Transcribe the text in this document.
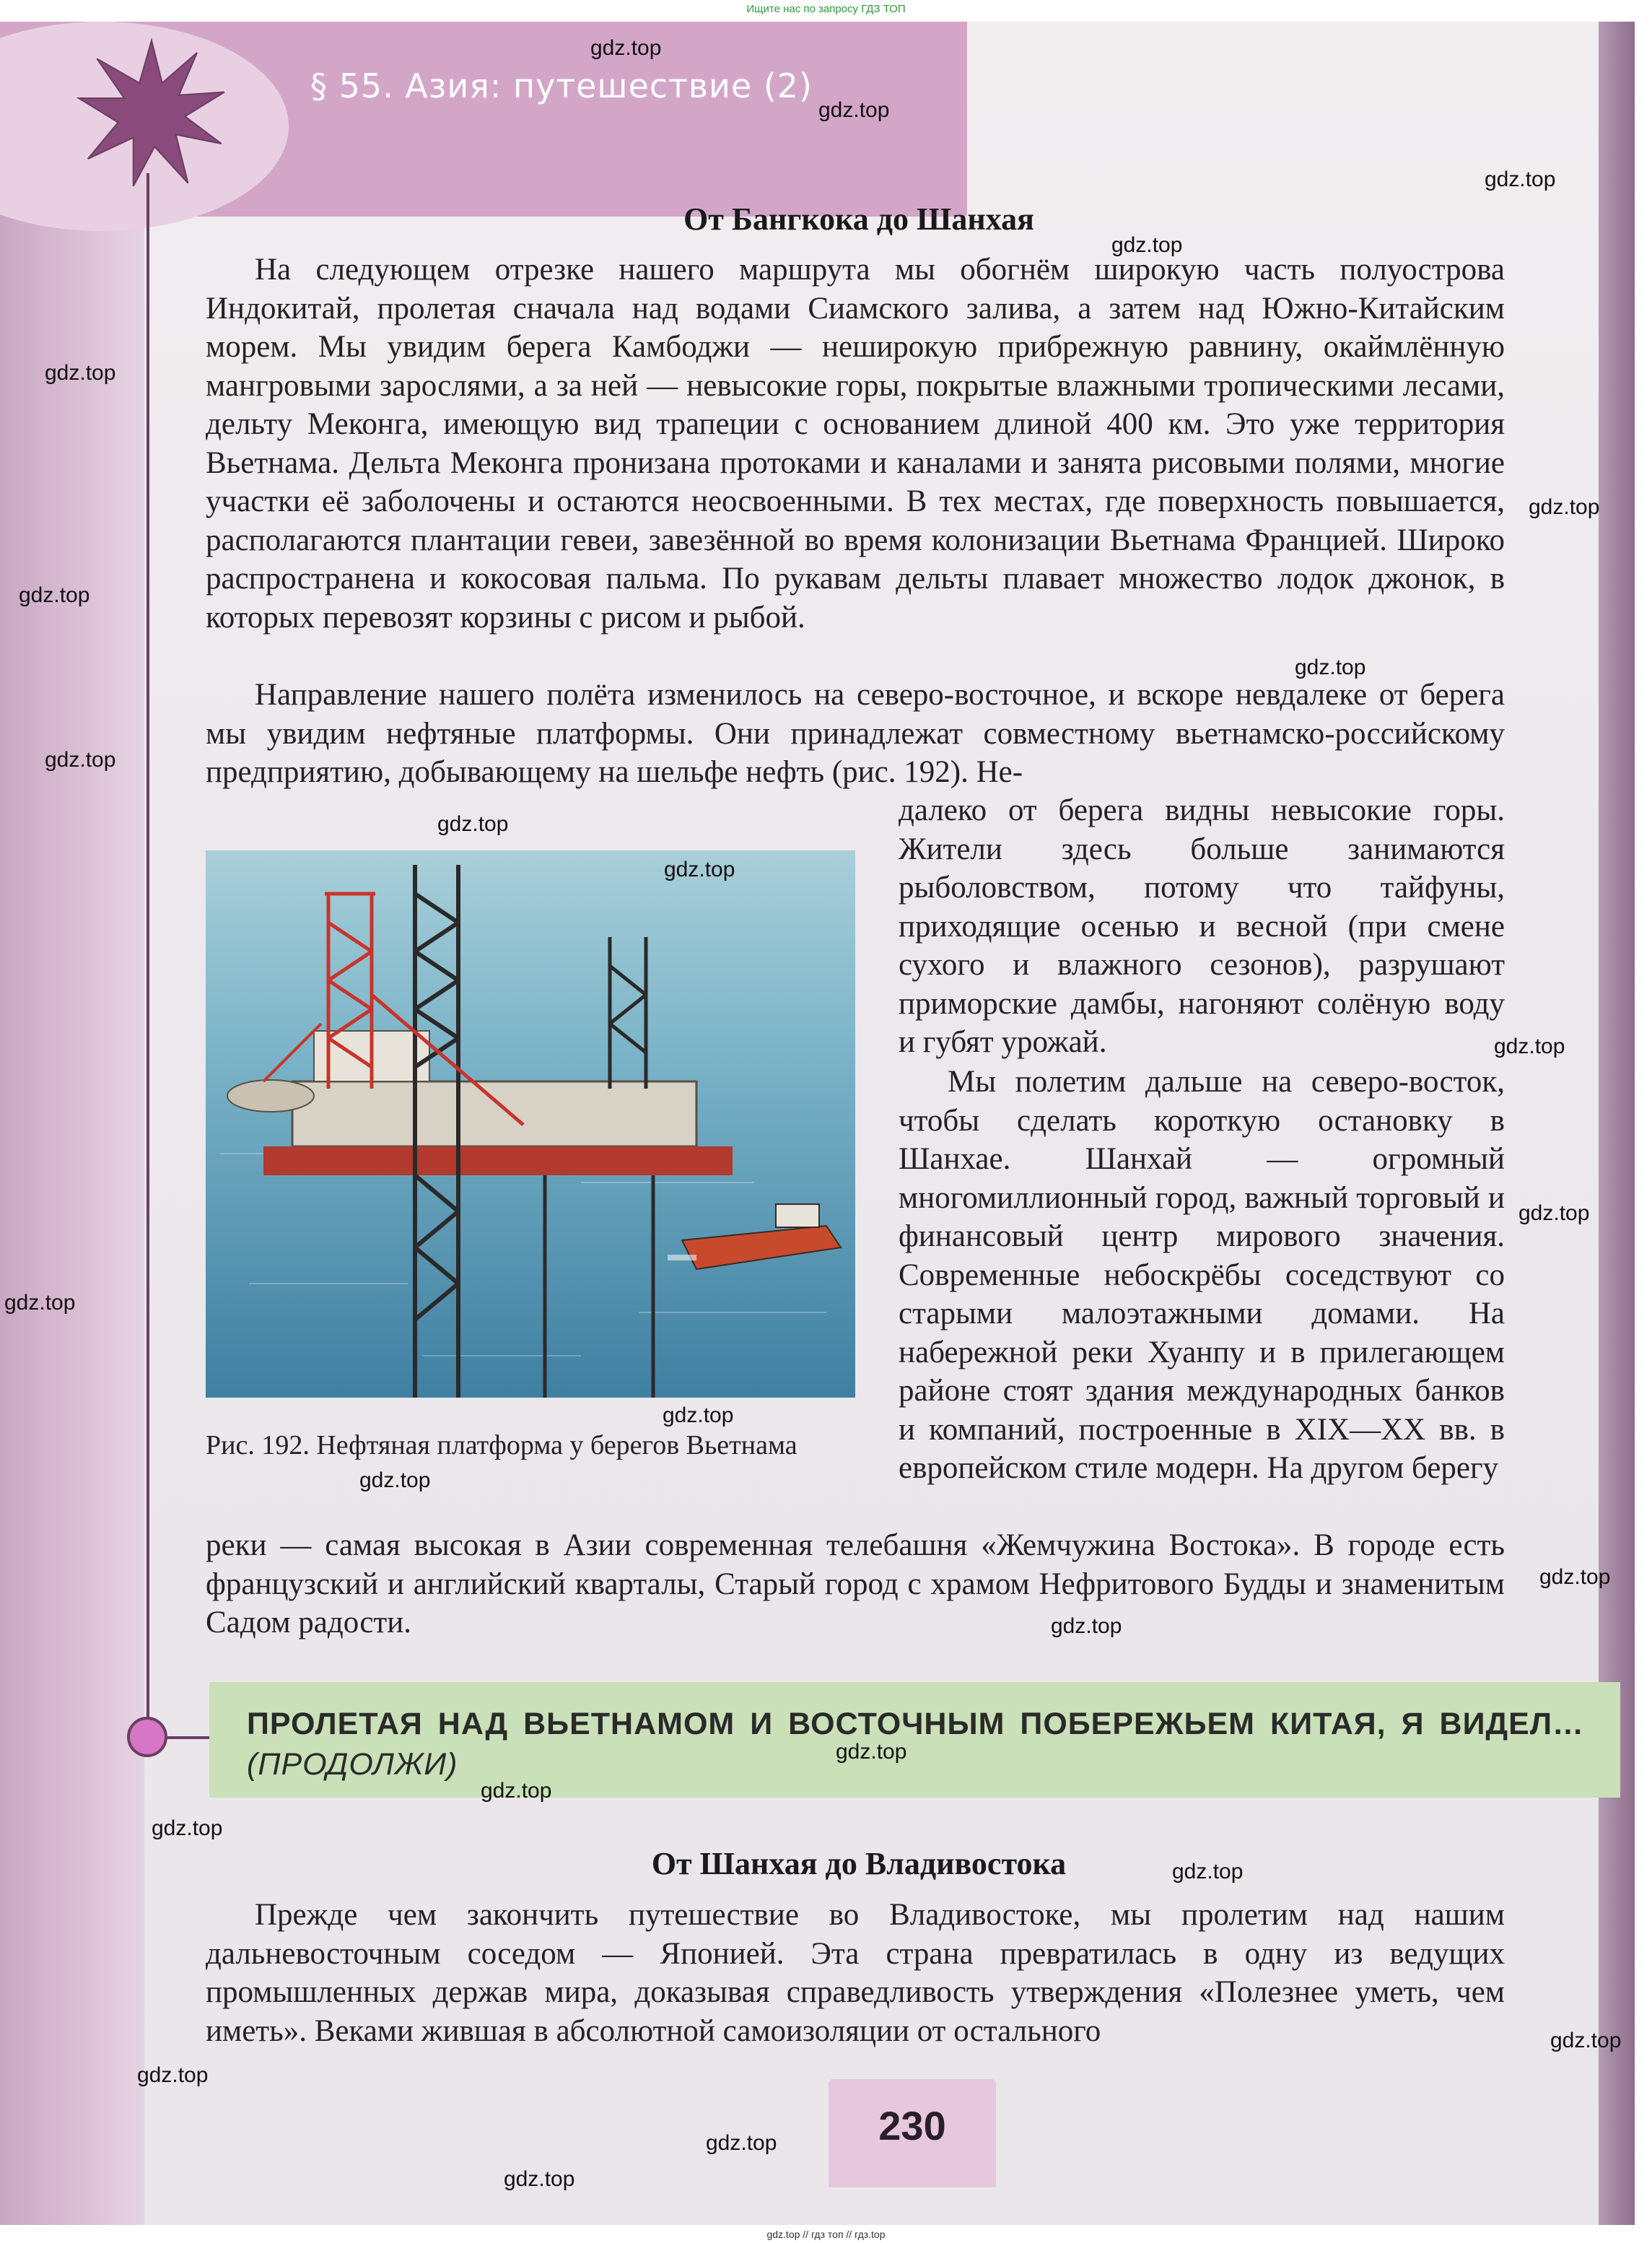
Ищите нас по запросу ГДЗ ТОП
§ 55. Азия: путешествие (2)
От Бангкока до Шанхая

На следующем отрезке нашего маршрута мы обогнём широкую часть полуострова Индокитай, пролетая сначала над водами Сиамского залива, а затем над Южно-Китайским морем. Мы увидим берега Камбоджи — неширокую прибрежную равнину, окаймлённую мангровыми зарослями, а за ней — невысокие горы, покрытые влажными тропическими лесами, дельту Меконга, имеющую вид трапеции с основанием длиной 400 км. Это уже территория Вьетнама. Дельта Меконга пронизана протоками и каналами и занята рисовыми полями, многие участки её заболочены и остаются неосвоенными. В тех местах, где поверхность повышается, располагаются плантации гевеи, завезённой во время колонизации Вьетнама Францией. Широко распространена и кокосовая пальма. По рукавам дельты плавает множество лодок джонок, в которых перевозят корзины с рисом и рыбой.

Направление нашего полёта изменилось на северо-восточное, и вскоре невдалеке от берега мы увидим нефтяные платформы. Они принадлежат совместному вьетнамско-российскому предприятию, добывающему на шельфе нефть (рис. 192). Не-

далеко от берега видны невысокие горы. Жители здесь больше занимаются рыболовством, потому что тайфуны, приходящие осенью и весной (при смене сухого и влажного сезонов), разрушают приморские дамбы, нагоняют солёную воду и губят урожай.

Мы полетим дальше на северо-восток, чтобы сделать короткую остановку в Шанхае. Шанхай — огромный многомиллионный город, важный торговый и финансовый центр мирового значения. Современные небоскрёбы соседствуют со старыми малоэтажными домами. На набережной реки Хуанпу и в прилегающем районе стоят здания международных банков и компаний, построенные в XIX—XX вв. в европейском стиле модерн. На другом берегу

реки — самая высокая в Азии современная телебашня «Жемчужина Востока». В городе есть французский и английский кварталы, Старый город с храмом Нефритового Будды и знаменитым Садом радости.

Рис. 192. Нефтяная платформа у берегов Вьетнама
ПРОЛЕТАЯ НАД ВЬЕТНАМОМ И ВОСТОЧНЫМ ПОБЕРЕЖЬЕМ КИТАЯ, Я ВИДЕЛ… (ПРОДОЛЖИ)
От Шанхая до Владивостока

Прежде чем закончить путешествие во Владивостоке, мы пролетим над нашим дальневосточным соседом — Японией. Эта страна превратилась в одну из ведущих промышленных держав мира, доказывая справедливость утверждения «Полезнее уметь, чем иметь». Веками жившая в абсолютной самоизоляции от остального

230
gdz.top
gdz.top
gdz.top
gdz.top
gdz.top
gdz.top
gdz.top
gdz.top
gdz.top
gdz.top
gdz.top
gdz.top
gdz.top
gdz.top
gdz.top
gdz.top
gdz.top
gdz.top
gdz.top
gdz.top
gdz.top
gdz.top
gdz.top
gdz.top
gdz.top
gdz.top
gdz.top // гдз топ // гдз.top
